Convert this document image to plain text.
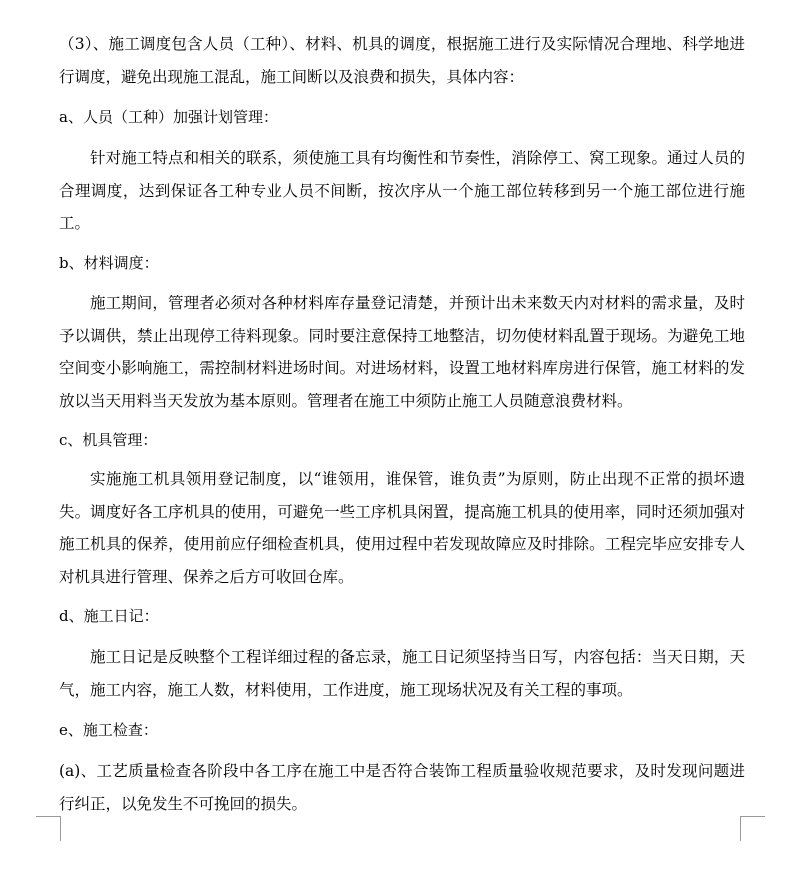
（3）、施工调度包含人员（工种）、材料、机具的调度，根据施工进行及实际情况合理地、科学地进行调度，避免出现施工混乱，施工间断以及浪费和损失，具体内容：

a、人员（工种）加强计划管理：

针对施工特点和相关的联系，须使施工具有均衡性和节奏性，消除停工、窝工现象。通过人员的合理调度，达到保证各工种专业人员不间断，按次序从一个施工部位转移到另一个施工部位进行施工。

b、材料调度：

施工期间，管理者必须对各种材料库存量登记清楚，并预计出未来数天内对材料的需求量，及时予以调供，禁止出现停工待料现象。同时要注意保持工地整洁，切勿使材料乱置于现场。为避免工地空间变小影响施工，需控制材料进场时间。对进场材料，设置工地材料库房进行保管，施工材料的发放以当天用料当天发放为基本原则。管理者在施工中须防止施工人员随意浪费材料。

c、机具管理：

实施施工机具领用登记制度，以“谁领用，谁保管，谁负责”为原则，防止出现不正常的损坏遗失。调度好各工序机具的使用，可避免一些工序机具闲置，提高施工机具的使用率，同时还须加强对施工机具的保养，使用前应仔细检查机具，使用过程中若发现故障应及时排除。工程完毕应安排专人对机具进行管理、保养之后方可收回仓库。

d、施工日记：

施工日记是反映整个工程详细过程的备忘录，施工日记须坚持当日写，内容包括：当天日期，天气，施工内容，施工人数，材料使用，工作进度，施工现场状况及有关工程的事项。

e、施工检查：

(a)、工艺质量检查各阶段中各工序在施工中是否符合装饰工程质量验收规范要求，及时发现问题进行纠正，以免发生不可挽回的损失。
